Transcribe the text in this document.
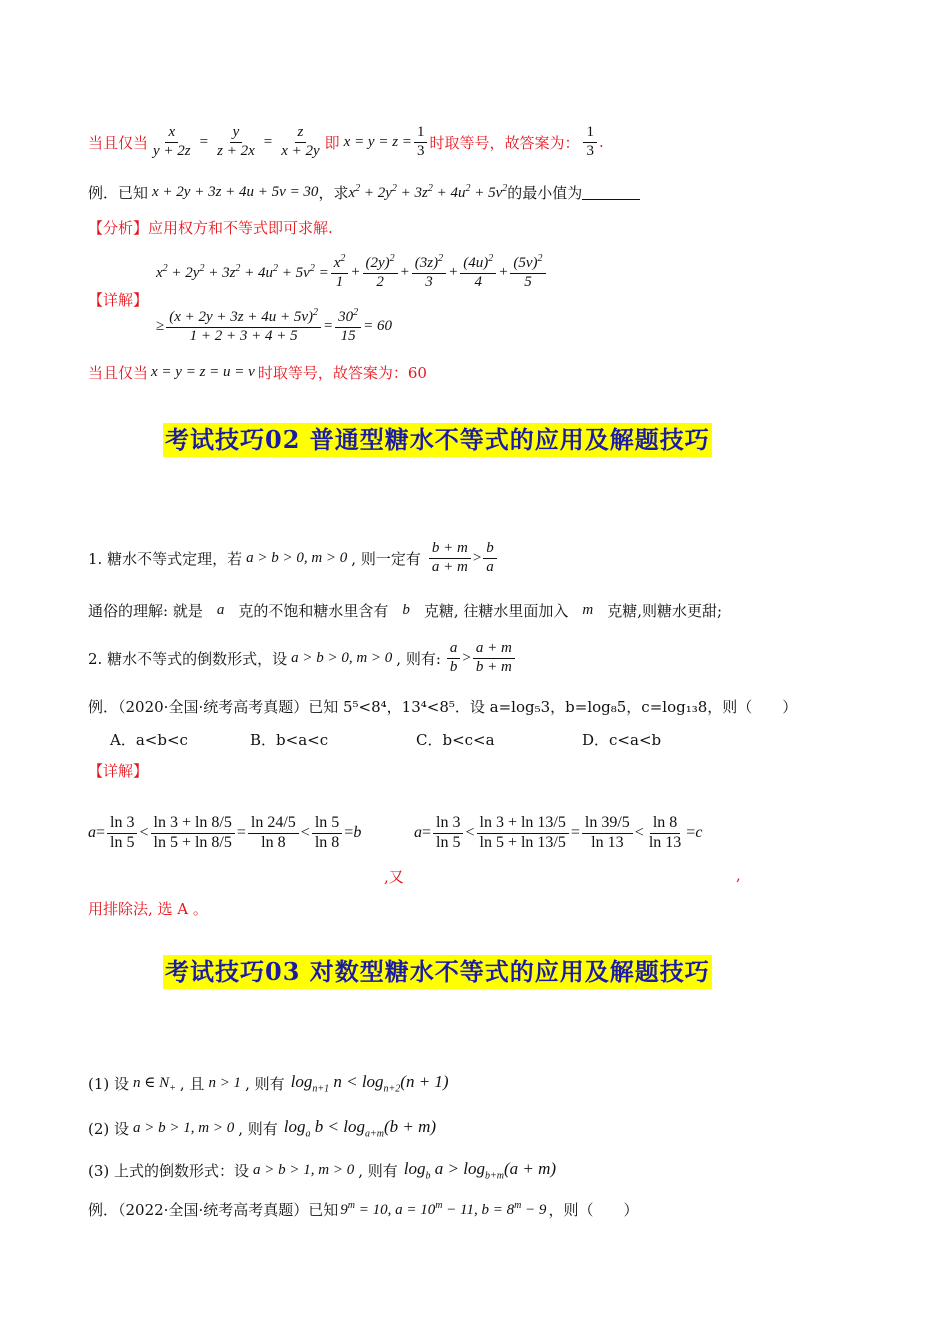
当且仅当 $\frac{x}{y + 2z} = \frac{y}{z + 2x} = \frac{z}{x + 2y}$ 即 $x = y = z = \frac{1}{3}$ 时取等号，故答案为： $\frac{1}{3}$ .
例．已知 x + 2y + 3z + 4u + 5v = 30 ，求 $x^2 + 2y^2 + 3z^2 + 4u^2 + 5v^2$ 的最小值为
【分析】应用权方和不等式即可求解.
【详解】
$x^2 + 2y^2 + 3z^2 + 4u^2 + 5v^2 = \frac{x^2}{1} + \frac{(2y)^2}{2} + \frac{(3z)^2}{3} + \frac{(4u)^2}{4} + \frac{(5v)^2}{5}$
≥ $\frac{(x + 2y + 3z + 4u + 5v)^2}{1 + 2 + 3 + 4 + 5} = \frac{30^2}{15} = 60$
当且仅当 x = y = z = u = v 时取等号，故答案为：60
考试技巧02 普通型糖水不等式的应用及解题技巧
1. 糖水不等式定理，若 a > b > 0, m > 0 , 则一定有 $\frac{b + m}{a + m} > \frac{b}{a}$
通俗的理解: 就是 a 克的不饱和糖水里含有 b 克糖, 往糖水里面加入 m 克糖,则糖水更甜;
2. 糖水不等式的倒数形式，设 a > b > 0, m > 0 , 则有: $\frac{a}{b} > \frac{a + m}{b + m}$
例．（2020·全国·统考高考真题）已知 5⁵<8⁴，13⁴<8⁵．设 a=log₅3，b=log₈5，c=log₁₃8，则（　　）
A．a<b<c	B．b<a<c	C．b<c<a	D．c<a<b
【详解】
$a = \frac{\ln 3}{\ln 5} < \frac{\ln 3 + \ln 8/5}{\ln 5 + \ln 8/5} = \frac{\ln 24/5}{\ln 8} < \frac{\ln 5}{\ln 8} = b$
,又
$a = \frac{\ln 3}{\ln 5} < \frac{\ln 3 + \ln 13/5}{\ln 5 + \ln 13/5} = \frac{\ln 39/5}{\ln 13} < \frac{\ln 8}{\ln 13} = c$
,
用排除法, 选 A 。
考试技巧03 对数型糖水不等式的应用及解题技巧
(1) 设 n ∈ $N_+$ , 且 n > 1 , 则有 $\log_{n+1} n < \log_{n+2}(n + 1)$
(2) 设 a > b > 1, m > 0 , 则有 $\log_a b < \log_{a+m}(b + m)$
(3) 上式的倒数形式：设 a > b > 1, m > 0 , 则有 $\log_b a > \log_{b+m}(a + m)$
例．（2022·全国·统考高考真题）已知 $9^m = 10$, $a = 10^m - 11$, $b = 8^m - 9$ ，则（　　）
